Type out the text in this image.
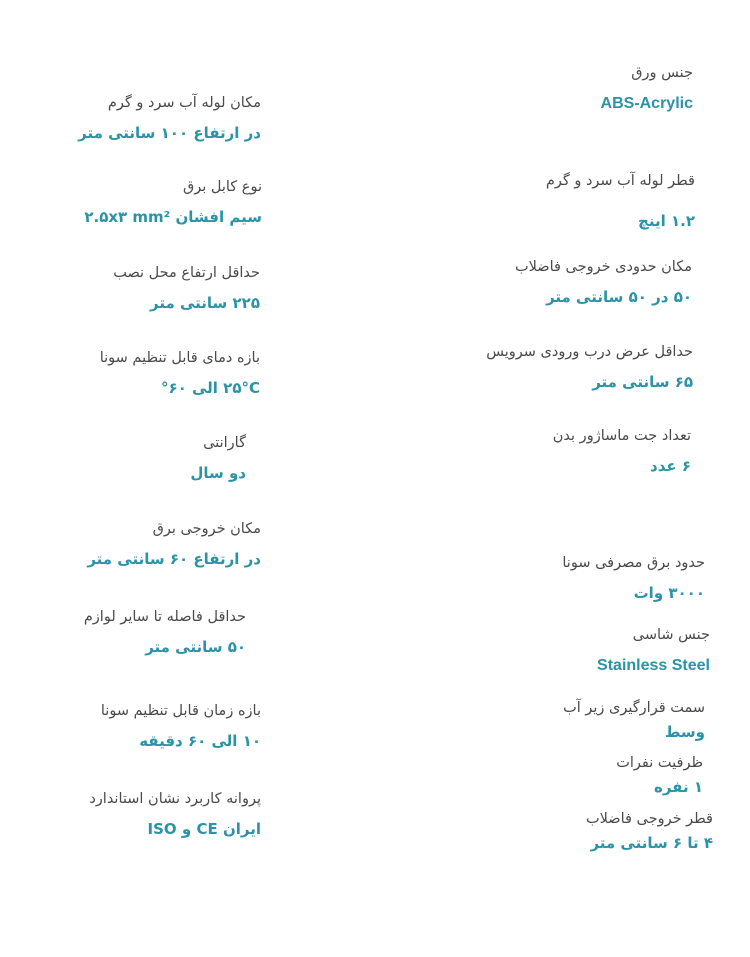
جنس ورق
ABS-Acrylic
قطر لوله آب سرد و گرم
۱.۲ اینچ
مکان حدودی خروجی فاضلاب
۵۰ در ۵۰ سانتی متر
حداقل عرض درب ورودی سرویس
۶۵ سانتی متر
تعداد جت ماساژور بدن
۶ عدد
حدود برق مصرفی سونا
۳۰۰۰ وات
جنس شاسی
Stainless Steel
سمت قرارگیری زیر آب
وسط
ظرفیت نفرات
۱ نفره
قطر خروجی فاضلاب
۴ تا ۶ سانتی متر
مکان لوله آب سرد و گرم
در ارتفاع ۱۰۰ سانتی متر
نوع کابل برق
سیم افشان ۲.۵x۳ mm²
حداقل ارتفاع محل نصب
۲۲۵ سانتی متر
بازه دمای قابل تنظیم سونا
۲۵°C الی ۶۰°
گارانتی
دو سال
مکان خروجی برق
در ارتفاع ۶۰ سانتی متر
حداقل فاصله تا سایر لوازم
۵۰ سانتی متر
بازه زمان قابل تنظیم سونا
۱۰ الی ۶۰ دقیقه
پروانه کاربرد نشان استاندارد
ایران CE و ISO
